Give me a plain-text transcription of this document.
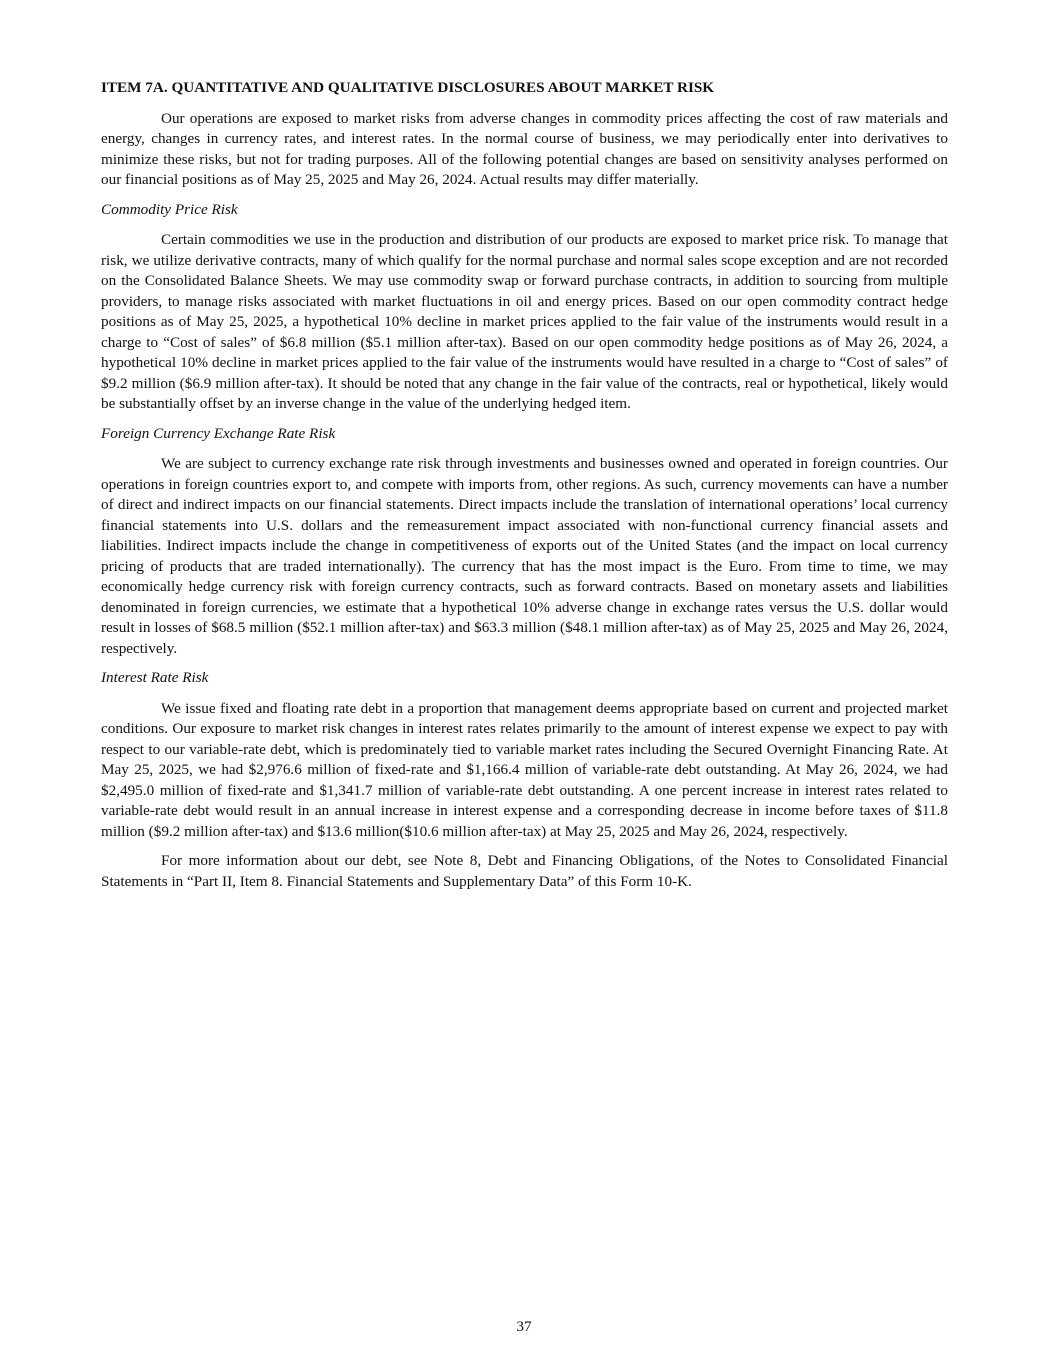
ITEM 7A. QUANTITATIVE AND QUALITATIVE DISCLOSURES ABOUT MARKET RISK

Our operations are exposed to market risks from adverse changes in commodity prices affecting the cost of raw materials and energy, changes in currency rates, and interest rates. In the normal course of business, we may periodically enter into derivatives to minimize these risks, but not for trading purposes. All of the following potential changes are based on sensitivity analyses performed on our financial positions as of May 25, 2025 and May 26, 2024. Actual results may differ materially.

Commodity Price Risk

Certain commodities we use in the production and distribution of our products are exposed to market price risk. To manage that risk, we utilize derivative contracts, many of which qualify for the normal purchase and normal sales scope exception and are not recorded on the Consolidated Balance Sheets. We may use commodity swap or forward purchase contracts, in addition to sourcing from multiple providers, to manage risks associated with market fluctuations in oil and energy prices. Based on our open commodity contract hedge positions as of May 25, 2025, a hypothetical 10% decline in market prices applied to the fair value of the instruments would result in a charge to “Cost of sales” of $6.8 million ($5.1 million after-tax). Based on our open commodity hedge positions as of May 26, 2024, a hypothetical 10% decline in market prices applied to the fair value of the instruments would have resulted in a charge to “Cost of sales” of $9.2 million ($6.9 million after-tax). It should be noted that any change in the fair value of the contracts, real or hypothetical, likely would be substantially offset by an inverse change in the value of the underlying hedged item.

Foreign Currency Exchange Rate Risk

We are subject to currency exchange rate risk through investments and businesses owned and operated in foreign countries. Our operations in foreign countries export to, and compete with imports from, other regions. As such, currency movements can have a number of direct and indirect impacts on our financial statements. Direct impacts include the translation of international operations’ local currency financial statements into U.S. dollars and the remeasurement impact associated with non-functional currency financial assets and liabilities. Indirect impacts include the change in competitiveness of exports out of the United States (and the impact on local currency pricing of products that are traded internationally). The currency that has the most impact is the Euro. From time to time, we may economically hedge currency risk with foreign currency contracts, such as forward contracts. Based on monetary assets and liabilities denominated in foreign currencies, we estimate that a hypothetical 10% adverse change in exchange rates versus the U.S. dollar would result in losses of $68.5 million ($52.1 million after-tax) and $63.3 million ($48.1 million after-tax) as of May 25, 2025 and May 26, 2024, respectively.

Interest Rate Risk

We issue fixed and floating rate debt in a proportion that management deems appropriate based on current and projected market conditions. Our exposure to market risk changes in interest rates relates primarily to the amount of interest expense we expect to pay with respect to our variable-rate debt, which is predominately tied to variable market rates including the Secured Overnight Financing Rate. At May 25, 2025, we had $2,976.6 million of fixed-rate and $1,166.4 million of variable-rate debt outstanding. At May 26, 2024, we had $2,495.0 million of fixed-rate and $1,341.7 million of variable-rate debt outstanding. A one percent increase in interest rates related to variable-rate debt would result in an annual increase in interest expense and a corresponding decrease in income before taxes of $11.8 million ($9.2 million after-tax) and $13.6 million($10.6 million after-tax) at May 25, 2025 and May 26, 2024, respectively.

For more information about our debt, see Note 8, Debt and Financing Obligations, of the Notes to Consolidated Financial Statements in “Part II, Item 8. Financial Statements and Supplementary Data” of this Form 10-K.

37
